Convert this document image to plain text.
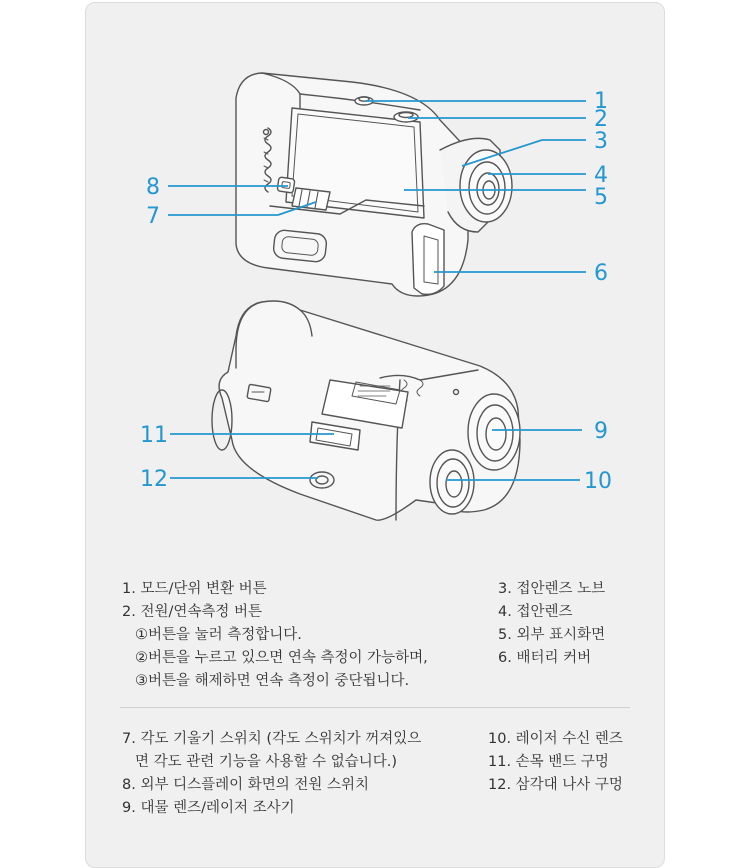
1
2
3
4
5
6
8
7
9
10
11
12
1. 모드/단위 변환 버튼
2. 전원/연속측정 버튼
①버튼을 눌러 측정합니다.
②버튼을 누르고 있으면 연속 측정이 가능하며,
③버튼을 해제하면 연속 측정이 중단됩니다.
3. 접안렌즈 노브
4. 접안렌즈
5. 외부 표시화면
6. 배터리 커버
7. 각도 기울기 스위치 (각도 스위치가 꺼져있으
면 각도 관련 기능을 사용할 수 없습니다.)
8. 외부 디스플레이 화면의 전원 스위치
9. 대물 렌즈/레이저 조사기
10. 레이저 수신 렌즈
11. 손목 밴드 구멍
12. 삼각대 나사 구멍
